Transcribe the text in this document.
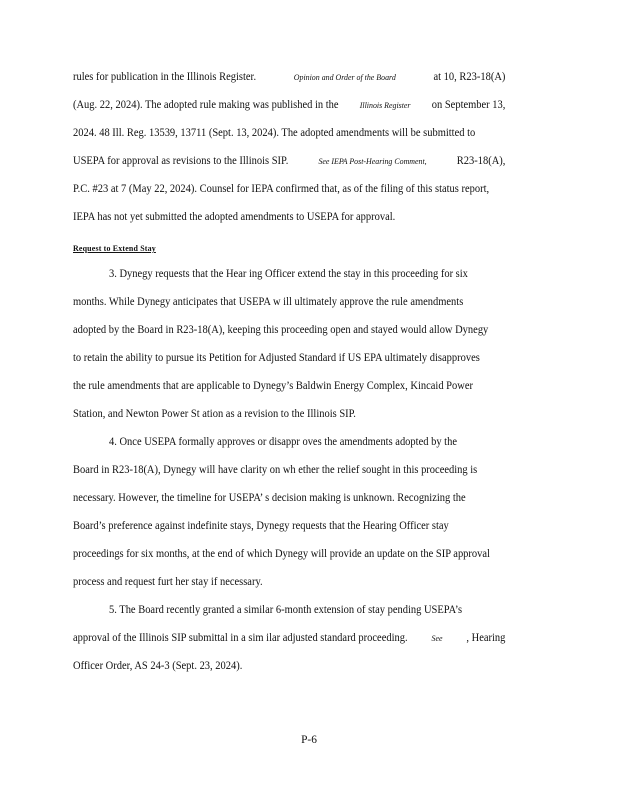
rules for publication in the Illinois Register.	Opinion and Order of the Board	at 10, R23-18(A)
(Aug. 22, 2024). The adopted rule making was published in the Illinois Register on September 13,
2024. 48 Ill. Reg. 13539, 13711 (Sept. 13, 2024). The adopted amendments will be submitted to
USEPA for approval as revisions to the Illinois SIP.	See IEPA Post-Hearing Comment,	R23-18(A),
P.C. #23 at 7 (May 22, 2024). Counsel for IEPA confirmed that, as of the filing of this status report,
IEPA has not yet submitted the adopted amendments to USEPA for approval.
Request to Extend Stay
3. Dynegy requests that the Hear ing Officer extend the stay in this proceeding for six
months. While Dynegy anticipates that USEPA w ill ultimately approve the rule amendments
adopted by the Board in R23-18(A), keeping this proceeding open and stayed would allow Dynegy
to retain the ability to pursue its Petition for Adjusted Standard if US EPA ultimately disapproves
the rule amendments that are applicable to Dynegy’s Baldwin Energy Complex, Kincaid Power
Station, and Newton Power St ation as a revision to the Illinois SIP.
4. Once USEPA formally approves or disappr oves the amendments adopted by the
Board in R23-18(A), Dynegy will have clarity on wh ether the relief sought in this proceeding is
necessary. However, the timeline for USEPA’ s decision making is unknown. Recognizing the
Board’s preference against indefinite stays, Dynegy requests that the Hearing Officer stay
proceedings for six months, at the end of which Dynegy will provide an update on the SIP approval
process and request furt her stay if necessary.
5. The Board recently granted a similar 6-month extension of stay pending USEPA’s
approval of the Illinois SIP submittal in a sim ilar adjusted standard proceeding.	See , Hearing
Officer Order, AS 24-3 (Sept. 23, 2024).
P-6
